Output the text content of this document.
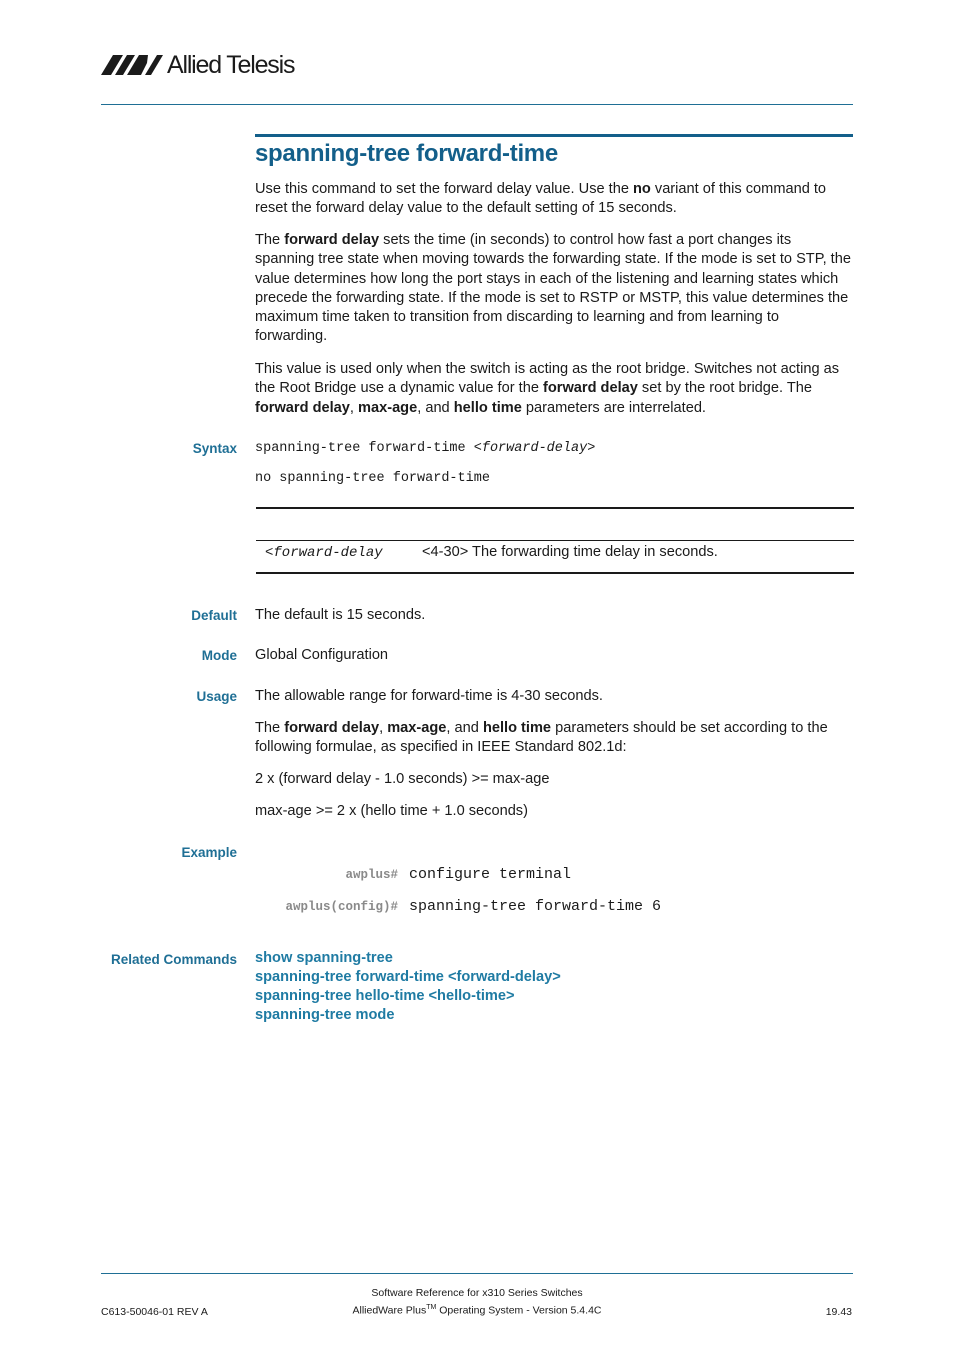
Allied Telesis
spanning-tree forward-time
Use this command to set the forward delay value. Use the no variant of this command to reset the forward delay value to the default setting of 15 seconds.
The forward delay sets the time (in seconds) to control how fast a port changes its spanning tree state when moving towards the forwarding state. If the mode is set to STP, the value determines how long the port stays in each of the listening and learning states which precede the forwarding state. If the mode is set to RSTP or MSTP, this value determines the maximum time taken to transition from discarding to learning and from learning to forwarding.
This value is used only when the switch is acting as the root bridge. Switches not acting as the Root Bridge use a dynamic value for the forward delay set by the root bridge. The forward delay, max-age, and hello time parameters are interrelated.
Syntax spanning-tree forward-time <forward-delay>
no spanning-tree forward-time
<forward-delay	<4-30> The forwarding time delay in seconds.
Default The default is 15 seconds.
Mode Global Configuration
Usage The allowable range for forward-time is 4-30 seconds.
The forward delay, max-age, and hello time parameters should be set according to the following formulae, as specified in IEEE Standard 802.1d:
2 x (forward delay - 1.0 seconds) >= max-age
max-age >= 2 x (hello time + 1.0 seconds)
Example
awplus# configure terminal
awplus(config)# spanning-tree forward-time 6
Related Commands show spanning-tree
spanning-tree forward-time <forward-delay>
spanning-tree hello-time <hello-time>
spanning-tree mode
Software Reference for x310 Series Switches
C613-50046-01 REV A	AlliedWare Plus™ Operating System - Version 5.4.4C	19.43
